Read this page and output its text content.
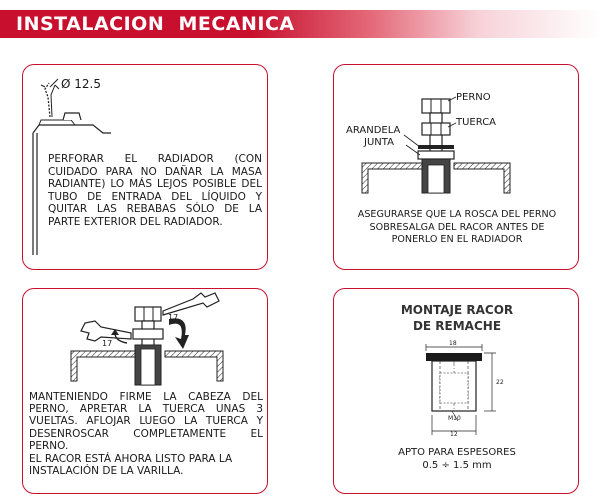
INSTALACION  MECANICA
Ø 12.5
PERFORAR EL RADIADOR (CON CUIDADO PARA NO DAÑAR LA MASA RADIANTE) LO MÁS LEJOS POSIBLE DEL TUBO DE ENTRADA DEL LÍQUIDO Y QUITAR LAS REBABAS SÓLO DE LA PARTE EXTERIOR DEL RADIADOR.
PERNO
TUERCA
ARANDELA
JUNTA
ASEGURARSE QUE LA ROSCA DEL PERNO
SOBRESALGA DEL RACOR ANTES DE
PONERLO EN EL RADIADOR
17
17
MANTENIENDO FIRME LA CABEZA DEL PERNO, APRETAR LA TUERCA UNAS 3 VUELTAS. AFLOJAR LUEGO LA TUERCA Y DESENROSCAR COMPLETAMENTE EL PERNO.
EL RACOR ESTÁ AHORA LISTO PARA LA INSTALACIÓN DE LA VARILLA.
MONTAJE RACOR
DE REMACHE
18
22
M10
12
APTO PARA ESPESORES
0.5 ÷ 1.5 mm
